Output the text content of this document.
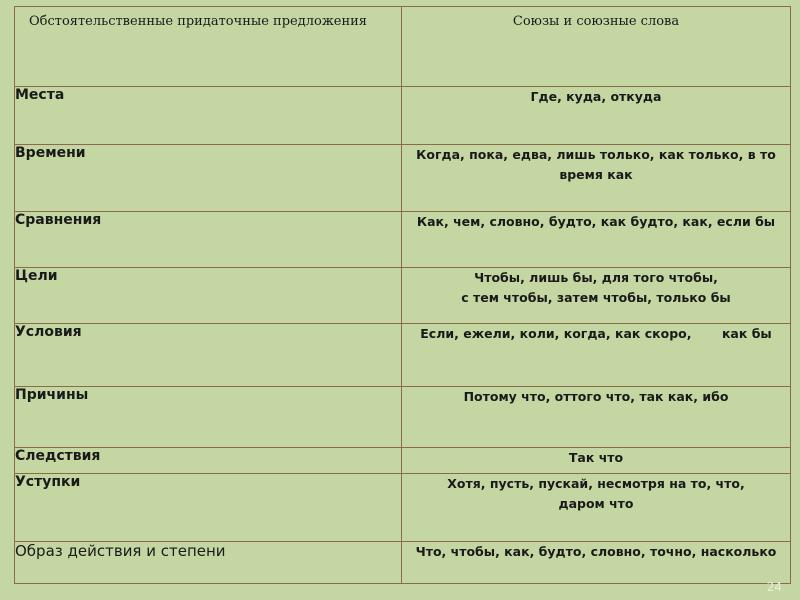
Обстоятельственные придаточные предложения	Союзы и союзные слова
Места	Где, куда, откуда

Времени	Когда, пока, едва, лишь только, как только, в то время как

Сравнения	Как, чем, словно, будто, как будто, как, если бы

Цели	Чтобы, лишь бы, для того чтобы,
с тем чтобы, затем чтобы, только бы

Условия	Если, ежели, коли, когда, как скоро,       как бы

Причины	Потому что, оттого что, так как, ибо

Следствия	Так что

Уступки	Хотя, пусть, пускай, несмотря на то, что,
даром что

Образ действия и степени	Что, чтобы, как, будто, словно, точно, насколько
24
